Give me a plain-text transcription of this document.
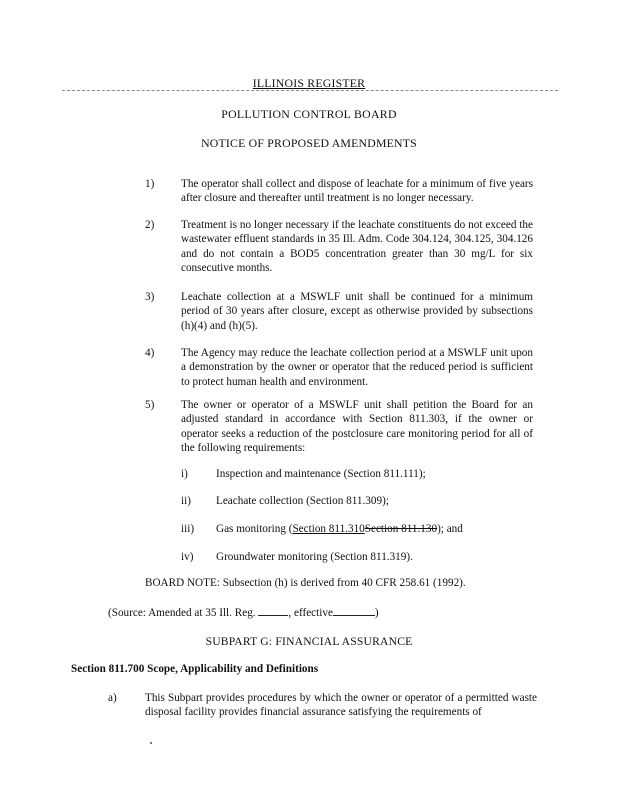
ILLINOIS REGISTER
POLLUTION CONTROL BOARD
NOTICE OF PROPOSED AMENDMENTS
1) The operator shall collect and dispose of leachate for a minimum of five years after closure and thereafter until treatment is no longer necessary.
2) Treatment is no longer necessary if the leachate constituents do not exceed the wastewater effluent standards in 35 Ill. Adm. Code 304.124, 304.125, 304.126 and do not contain a BOD5 concentration greater than 30 mg/L for six consecutive months.
3) Leachate collection at a MSWLF unit shall be continued for a minimum period of 30 years after closure, except as otherwise provided by subsections (h)(4) and (h)(5).
4) The Agency may reduce the leachate collection period at a MSWLF unit upon a demonstration by the owner or operator that the reduced period is sufficient to protect human health and environment.
5) The owner or operator of a MSWLF unit shall petition the Board for an adjusted standard in accordance with Section 811.303, if the owner or operator seeks a reduction of the postclosure care monitoring period for all of the following requirements:
i)	Inspection and maintenance (Section 811.111);
ii) Leachate collection (Section 811.309);
iii) Gas monitoring (Section 811.310Section 811.130); and
iv) Groundwater monitoring (Section 811.319).
BOARD NOTE: Subsection (h) is derived from 40 CFR 258.61 (1992).
(Source: Amended at 35 Ill. Reg.	, effective	)
SUBPART G: FINANCIAL ASSURANCE
Section 811.700 Scope, Applicability and Definitions
a)	This Subpart provides procedures by which the owner or operator of a permitted waste disposal facility provides financial assurance satisfying the requirements of
